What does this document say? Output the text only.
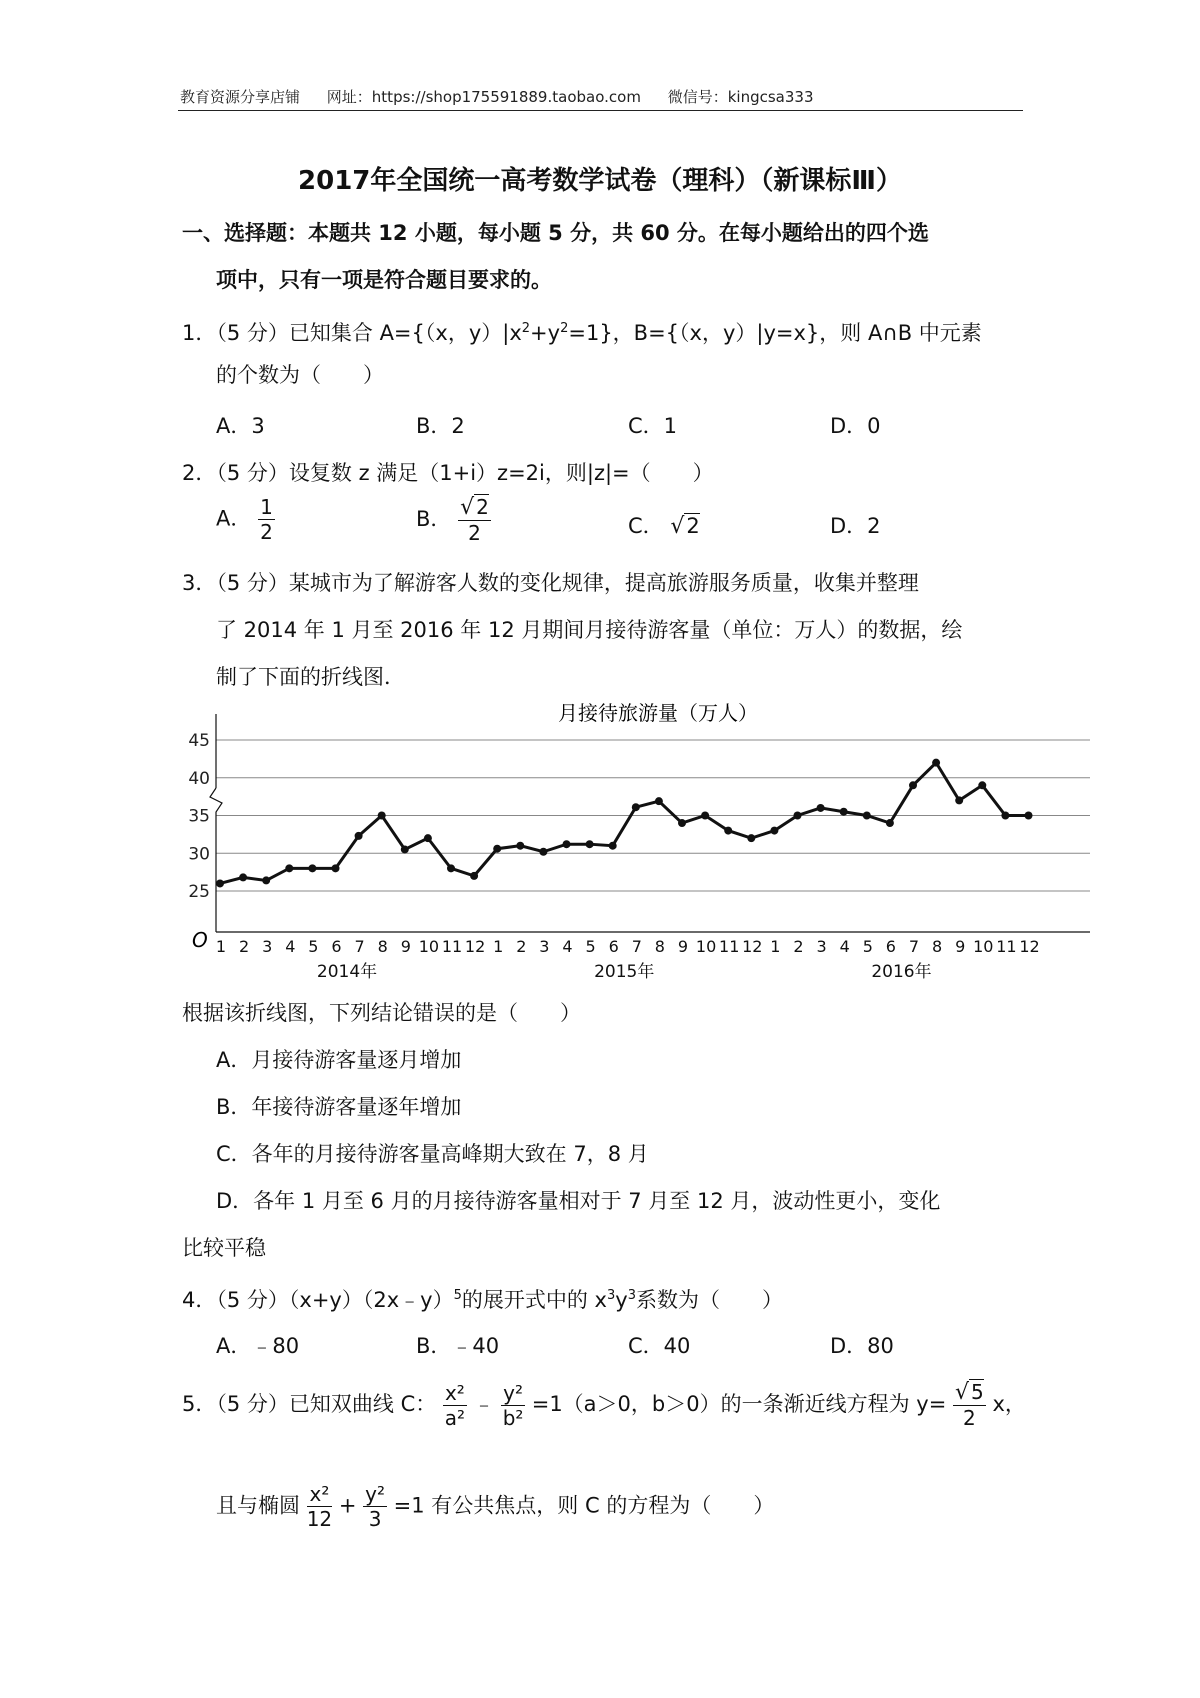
教育资源分享店铺 网址：https://shop175591889.taobao.com 微信号：kingcsa333
2017年全国统一高考数学试卷（理科）（新课标Ⅲ）
一、选择题：本题共 12 小题，每小题 5 分，共 60 分。在每小题给出的四个选
项中，只有一项是符合题目要求的。
1．（5 分）已知集合 A={（x，$y)|x^2+y^2=1$}，B={（x，y）|y=x}，则 A∩B 中元素
的个数为（　　）
A．3	B．2	C．1	D．0
2．（5 分）设复数 z 满足（1+i）z=2i，则|z|=（　　）
A． $\frac{1}{2}$	B． $\frac{√ 2}{2}$	C． √2	D．2
3．（5 分）某城市为了解游客人数的变化规律，提高旅游服务质量，收集并整理
了 2014 年 1 月至 2016 年 12 月期间月接待游客量（单位：万人）的数据，绘
制了下面的折线图．
O
月接待旅游量（万人）
25
30
35
40
45
1 2 3 4 5 6 7 8 9 10 11 12 1 2 3 4 5 6 7 8 9 10 11 12 1 2 3 4 5 6 7 8 9 10 11 12
2014年	2015年	2016年
根据该折线图，下列结论错误的是（　　）
A．月接待游客量逐月增加
B．年接待游客量逐年增加
C．各年的月接待游客量高峰期大致在 7，8 月
D．各年 1 月至 6 月的月接待游客量相对于 7 月至 12 月，波动性更小，变化
比较平稳
4．（5 分）（x+y）（2x﹣y）$^5$的展开式中的 $x^3y^3$系数为（　　）
A．﹣80	B．﹣40	C．40	D．80
5．（5 分）已知双曲线 C： $\frac{\text{x²}}{\text{a²}}$ ﹣ $\frac{\text{y²}}{\text{b²}} =1(a>0$，b＞0）的一条渐近线方程为 $y= \frac{√ 5}{2}$ x，
且与椭圆 $\frac{\text{x²}}{12} + \frac{\text{y²}}{3} =1$ 有公共焦点，则 C 的方程为（　　）
